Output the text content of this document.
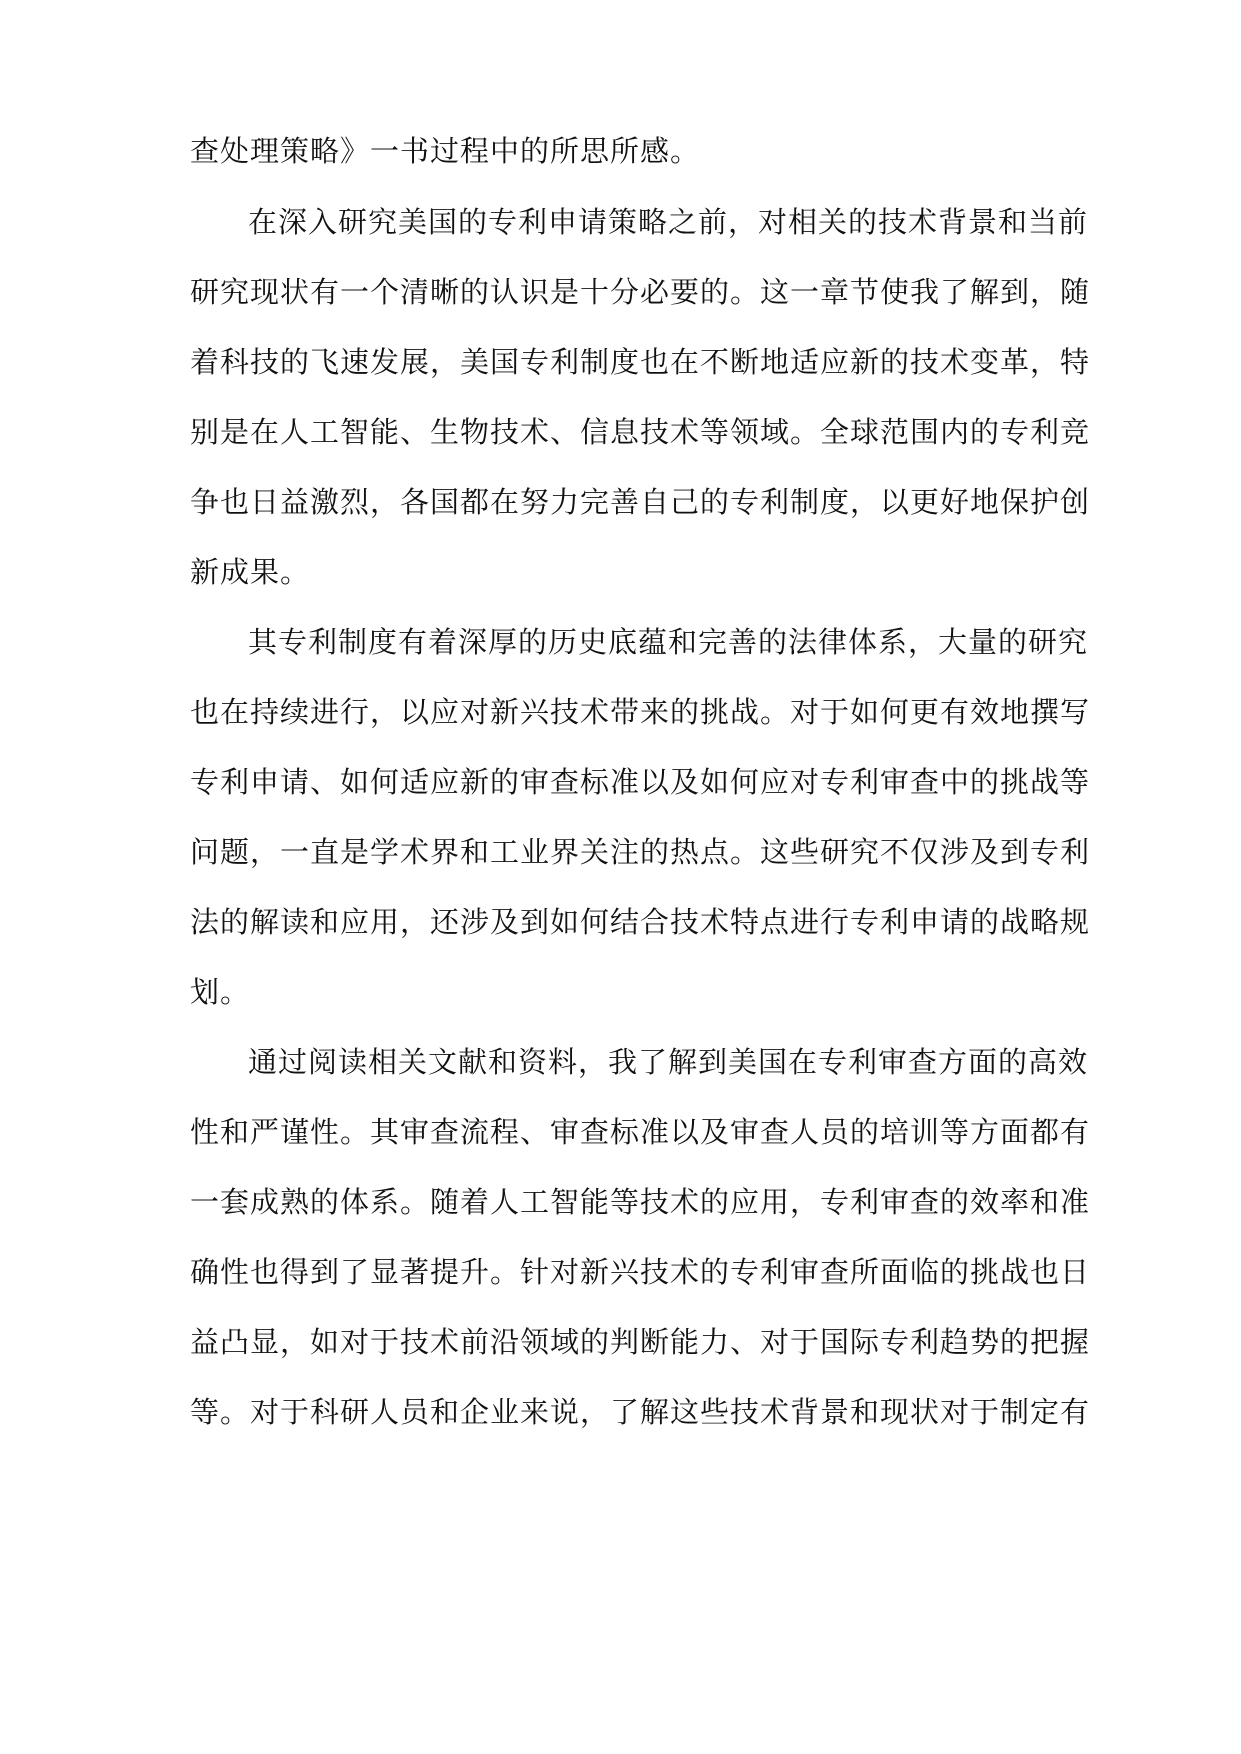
查处理策略》一书过程中的所思所感。
在深入研究美国的专利申请策略之前，对相关的技术背景和当前
研究现状有一个清晰的认识是十分必要的。这一章节使我了解到，随
着科技的飞速发展，美国专利制度也在不断地适应新的技术变革，特
别是在人工智能、生物技术、信息技术等领域。全球范围内的专利竞
争也日益激烈，各国都在努力完善自己的专利制度，以更好地保护创
新成果。
其专利制度有着深厚的历史底蕴和完善的法律体系，大量的研究
也在持续进行，以应对新兴技术带来的挑战。对于如何更有效地撰写
专利申请、如何适应新的审查标准以及如何应对专利审查中的挑战等
问题，一直是学术界和工业界关注的热点。这些研究不仅涉及到专利
法的解读和应用，还涉及到如何结合技术特点进行专利申请的战略规
划。
通过阅读相关文献和资料，我了解到美国在专利审查方面的高效
性和严谨性。其审查流程、审查标准以及审查人员的培训等方面都有
一套成熟的体系。随着人工智能等技术的应用，专利审查的效率和准
确性也得到了显著提升。针对新兴技术的专利审查所面临的挑战也日
益凸显，如对于技术前沿领域的判断能力、对于国际专利趋势的把握
等。对于科研人员和企业来说，了解这些技术背景和现状对于制定有
